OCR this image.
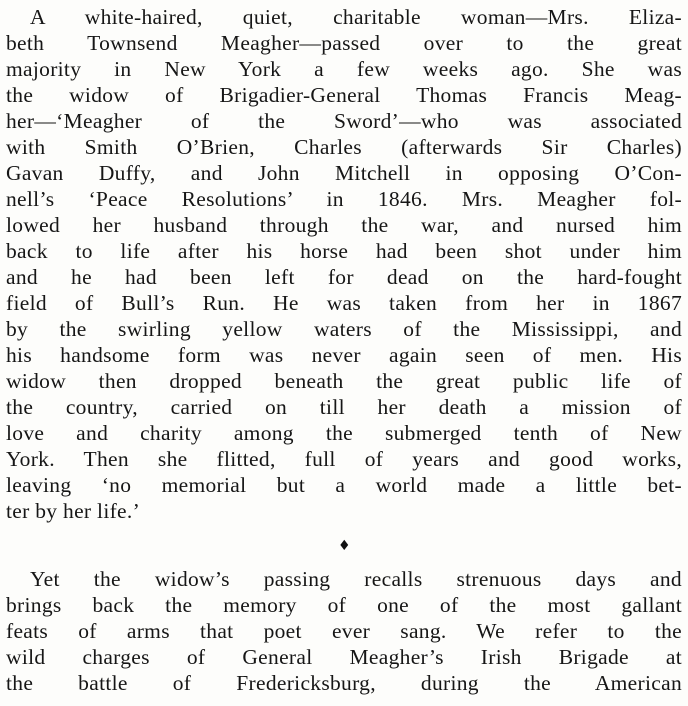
A white-haired, quiet, charitable woman—Mrs. Eliza-
beth Townsend Meagher—passed over to the great
majority in New York a few weeks ago. She was
the widow of Brigadier-General Thomas Francis Meag-
her—‘Meagher of the Sword’—who was associated
with Smith O’Brien, Charles (afterwards Sir Charles)
Gavan Duffy, and John Mitchell in opposing O’Con-
nell’s ‘Peace Resolutions’ in 1846. Mrs. Meagher fol-
lowed her husband through the war, and nursed him
back to life after his horse had been shot under him
and he had been left for dead on the hard-fought
field of Bull’s Run. He was taken from her in 1867
by the swirling yellow waters of the Mississippi, and
his handsome form was never again seen of men. His
widow then dropped beneath the great public life of
the country, carried on till her death a mission of
love and charity among the submerged tenth of New
York. Then she flitted, full of years and good works,
leaving ‘no memorial but a world made a little bet-
ter by her life.’
♦
Yet the widow’s passing recalls strenuous days and
brings back the memory of one of the most gallant
feats of arms that poet ever sang. We refer to the
wild charges of General Meagher’s Irish Brigade at
the battle of Fredericksburg, during the American
